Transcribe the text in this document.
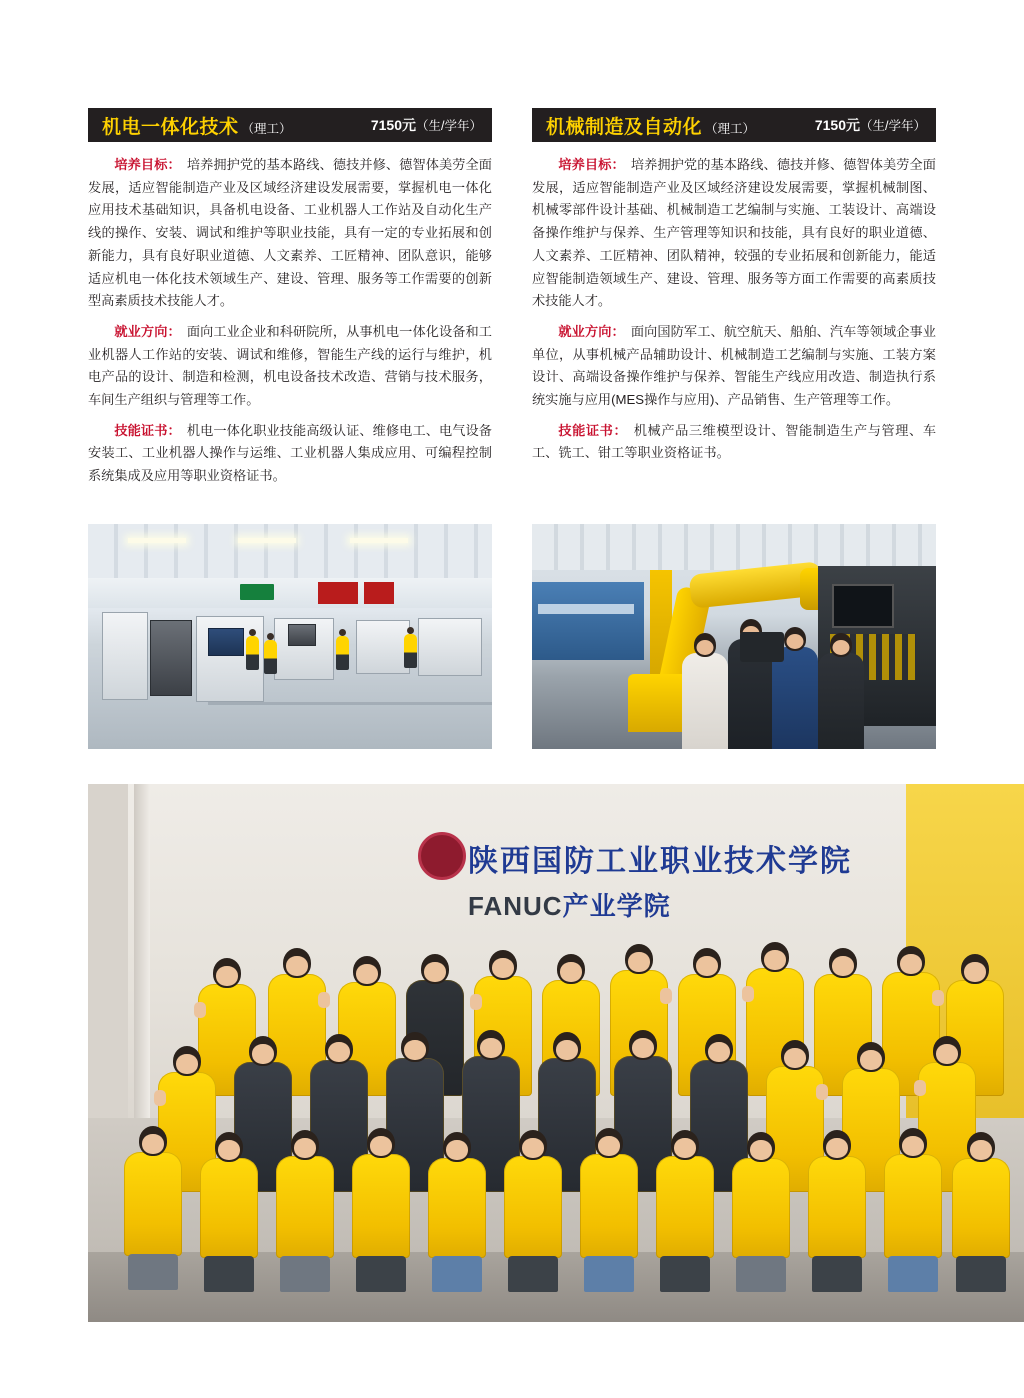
机电一体化技术 （理工）	7150元（生/学年）

培养目标： 培养拥护党的基本路线、德技并修、德智体美劳全面发展，适应智能制造产业及区域经济建设发展需要，掌握机电一体化应用技术基础知识，具备机电设备、工业机器人工作站及自动化生产线的操作、安装、调试和维护等职业技能，具有一定的专业拓展和创新能力，具有良好职业道德、人文素养、工匠精神、团队意识，能够适应机电一体化技术领域生产、建设、管理、服务等工作需要的创新型高素质技术技能人才。

就业方向： 面向工业企业和科研院所，从事机电一体化设备和工业机器人工作站的安装、调试和维修，智能生产线的运行与维护，机电产品的设计、制造和检测，机电设备技术改造、营销与技术服务，车间生产组织与管理等工作。

技能证书： 机电一体化职业技能高级认证、维修电工、电气设备安装工、工业机器人操作与运维、工业机器人集成应用、可编程控制系统集成及应用等职业资格证书。

机械制造及自动化 （理工）	7150元（生/学年）

培养目标： 培养拥护党的基本路线、德技并修、德智体美劳全面发展，适应智能制造产业及区域经济建设发展需要，掌握机械制图、机械零部件设计基础、机械制造工艺编制与实施、工装设计、高端设备操作维护与保养、生产管理等知识和技能，具有良好的职业道德、人文素养、工匠精神、团队精神，较强的专业拓展和创新能力，能适应智能制造领域生产、建设、管理、服务等方面工作需要的高素质技术技能人才。

就业方向： 面向国防军工、航空航天、船舶、汽车等领域企事业单位，从事机械产品辅助设计、机械制造工艺编制与实施、工装方案设计、高端设备操作维护与保养、智能生产线应用改造、制造执行系统实施与应用(MES操作与应用)、产品销售、生产管理等工作。

技能证书： 机械产品三维模型设计、智能制造生产与管理、车工、铣工、钳工等职业资格证书。

陕西国防工业职业技术学院
FANUC产业学院
